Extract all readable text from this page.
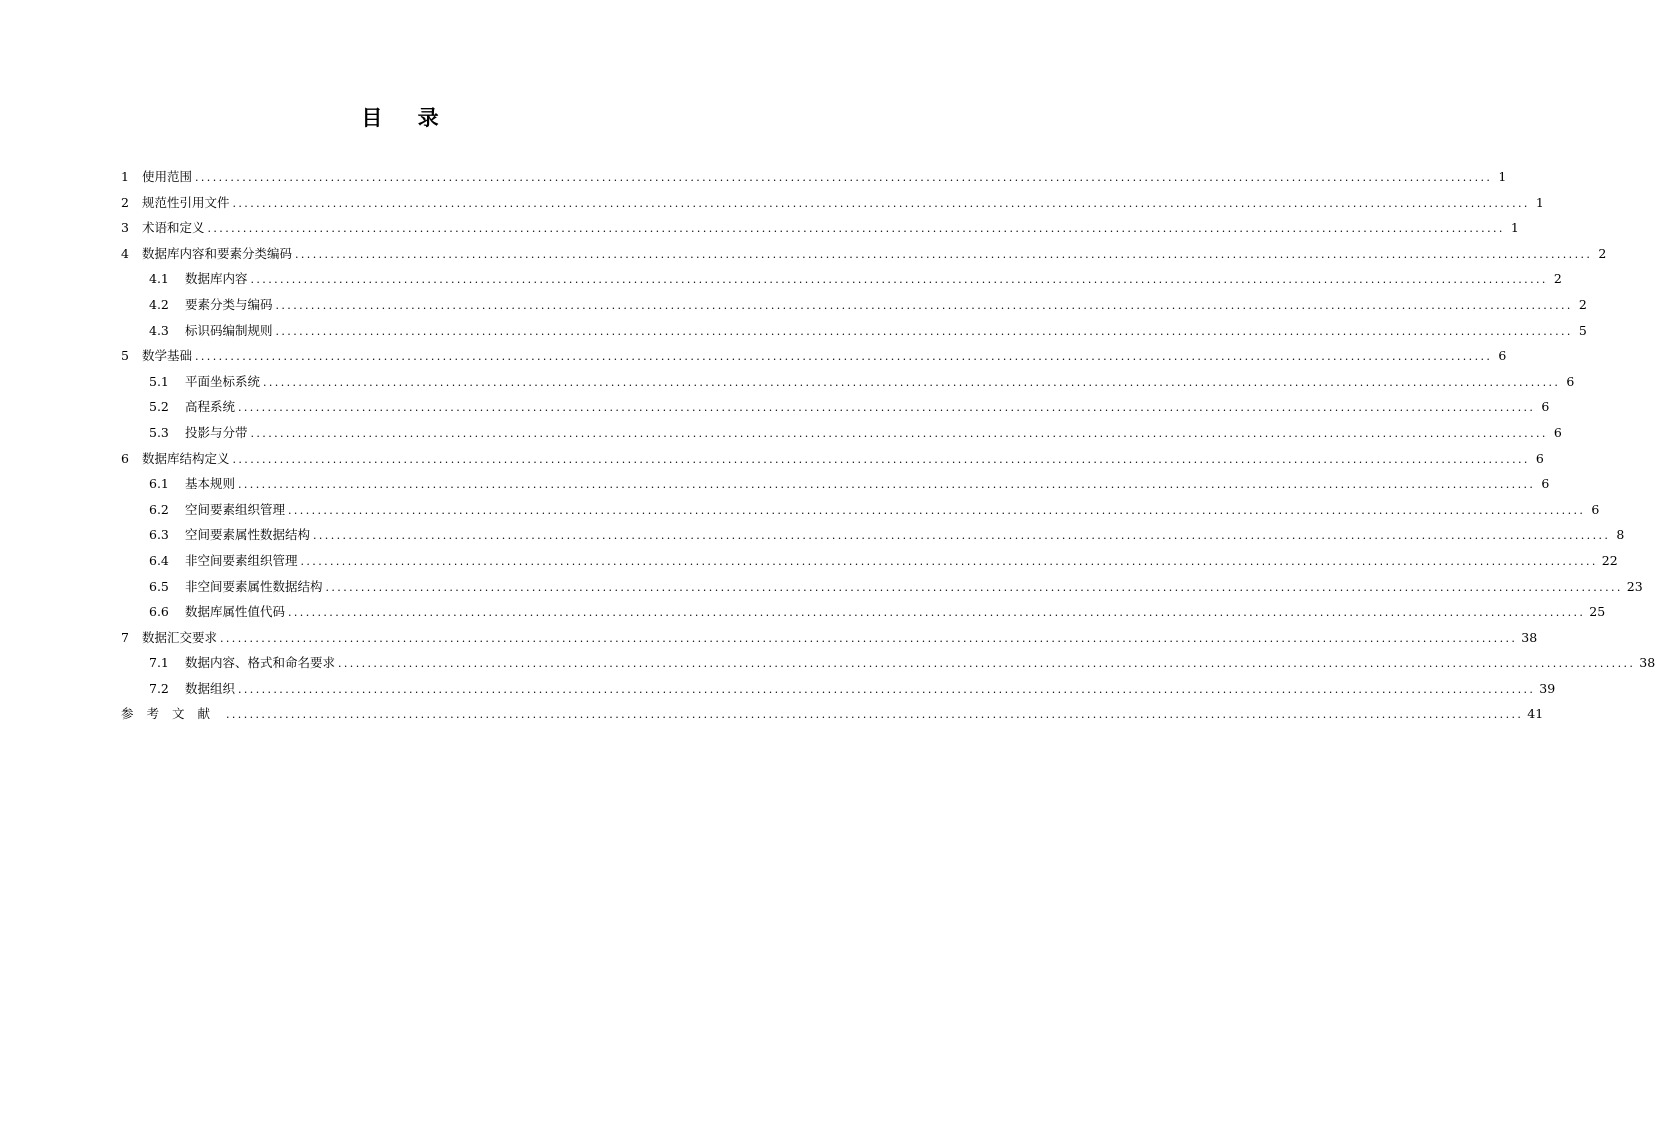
目 录
1	使用范围 ............................................................................................................................................................................................................................ 1
2	规范性引用文件 ............................................................................................................................................................................................................................ 1
3	术语和定义 ............................................................................................................................................................................................................................ 1
4	数据库内容和要素分类编码 ............................................................................................................................................................................................................................ 2
4.1	数据库内容 ............................................................................................................................................................................................................................ 2
4.2	要素分类与编码 ............................................................................................................................................................................................................................ 2
4.3	标识码编制规则 ............................................................................................................................................................................................................................ 5
5	数学基础 ............................................................................................................................................................................................................................ 6
5.1	平面坐标系统 ............................................................................................................................................................................................................................ 6
5.2	高程系统 ............................................................................................................................................................................................................................ 6
5.3	投影与分带 ............................................................................................................................................................................................................................ 6
6	数据库结构定义 ............................................................................................................................................................................................................................ 6
6.1	基本规则 ............................................................................................................................................................................................................................ 6
6.2	空间要素组织管理 ............................................................................................................................................................................................................................ 6
6.3	空间要素属性数据结构 ............................................................................................................................................................................................................................ 8
6.4	非空间要素组织管理 ............................................................................................................................................................................................................................ 22
6.5	非空间要素属性数据结构 ............................................................................................................................................................................................................................ 23
6.6	数据库属性值代码 ............................................................................................................................................................................................................................ 25
7	数据汇交要求 ............................................................................................................................................................................................................................ 38
7.1	数据内容、格式和命名要求 ............................................................................................................................................................................................................................ 38
7.2	数据组织 ............................................................................................................................................................................................................................ 39
参考文献 ............................................................................................................................................................................................................................ 41
